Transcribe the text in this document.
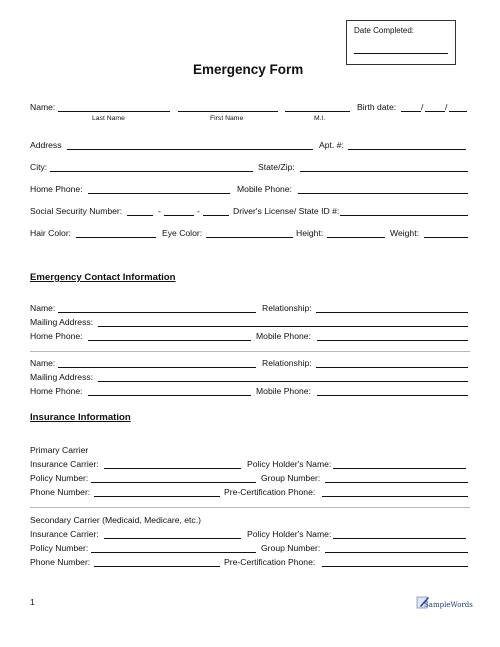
Date Completed:
Emergency Form
Name:	Birth date:	/	/
Last Name	First Name	M.I.
Address	Apt. #:
City:	State/Zip:
Home Phone:	Mobile Phone:
Social Security Number:	-	-	Driver's License/ State ID #:
Hair Color:	Eye Color:	Height:	Weight:
Emergency Contact Information
Name:	Relationship:
Mailing Address:
Home Phone:	Mobile Phone:
Name:	Relationship:
Mailing Address:
Home Phone:	Mobile Phone:
Insurance Information
Primary Carrier
Insurance Carrier:	Policy Holder's Name:
Policy Number:	Group Number:
Phone Number:	Pre-Certification Phone:
Secondary Carrier (Medicaid, Medicare, etc.)
Insurance Carrier:	Policy Holder's Name:
Policy Number:	Group Number:
Phone Number:	Pre-Certification Phone:
1	SampleWords
